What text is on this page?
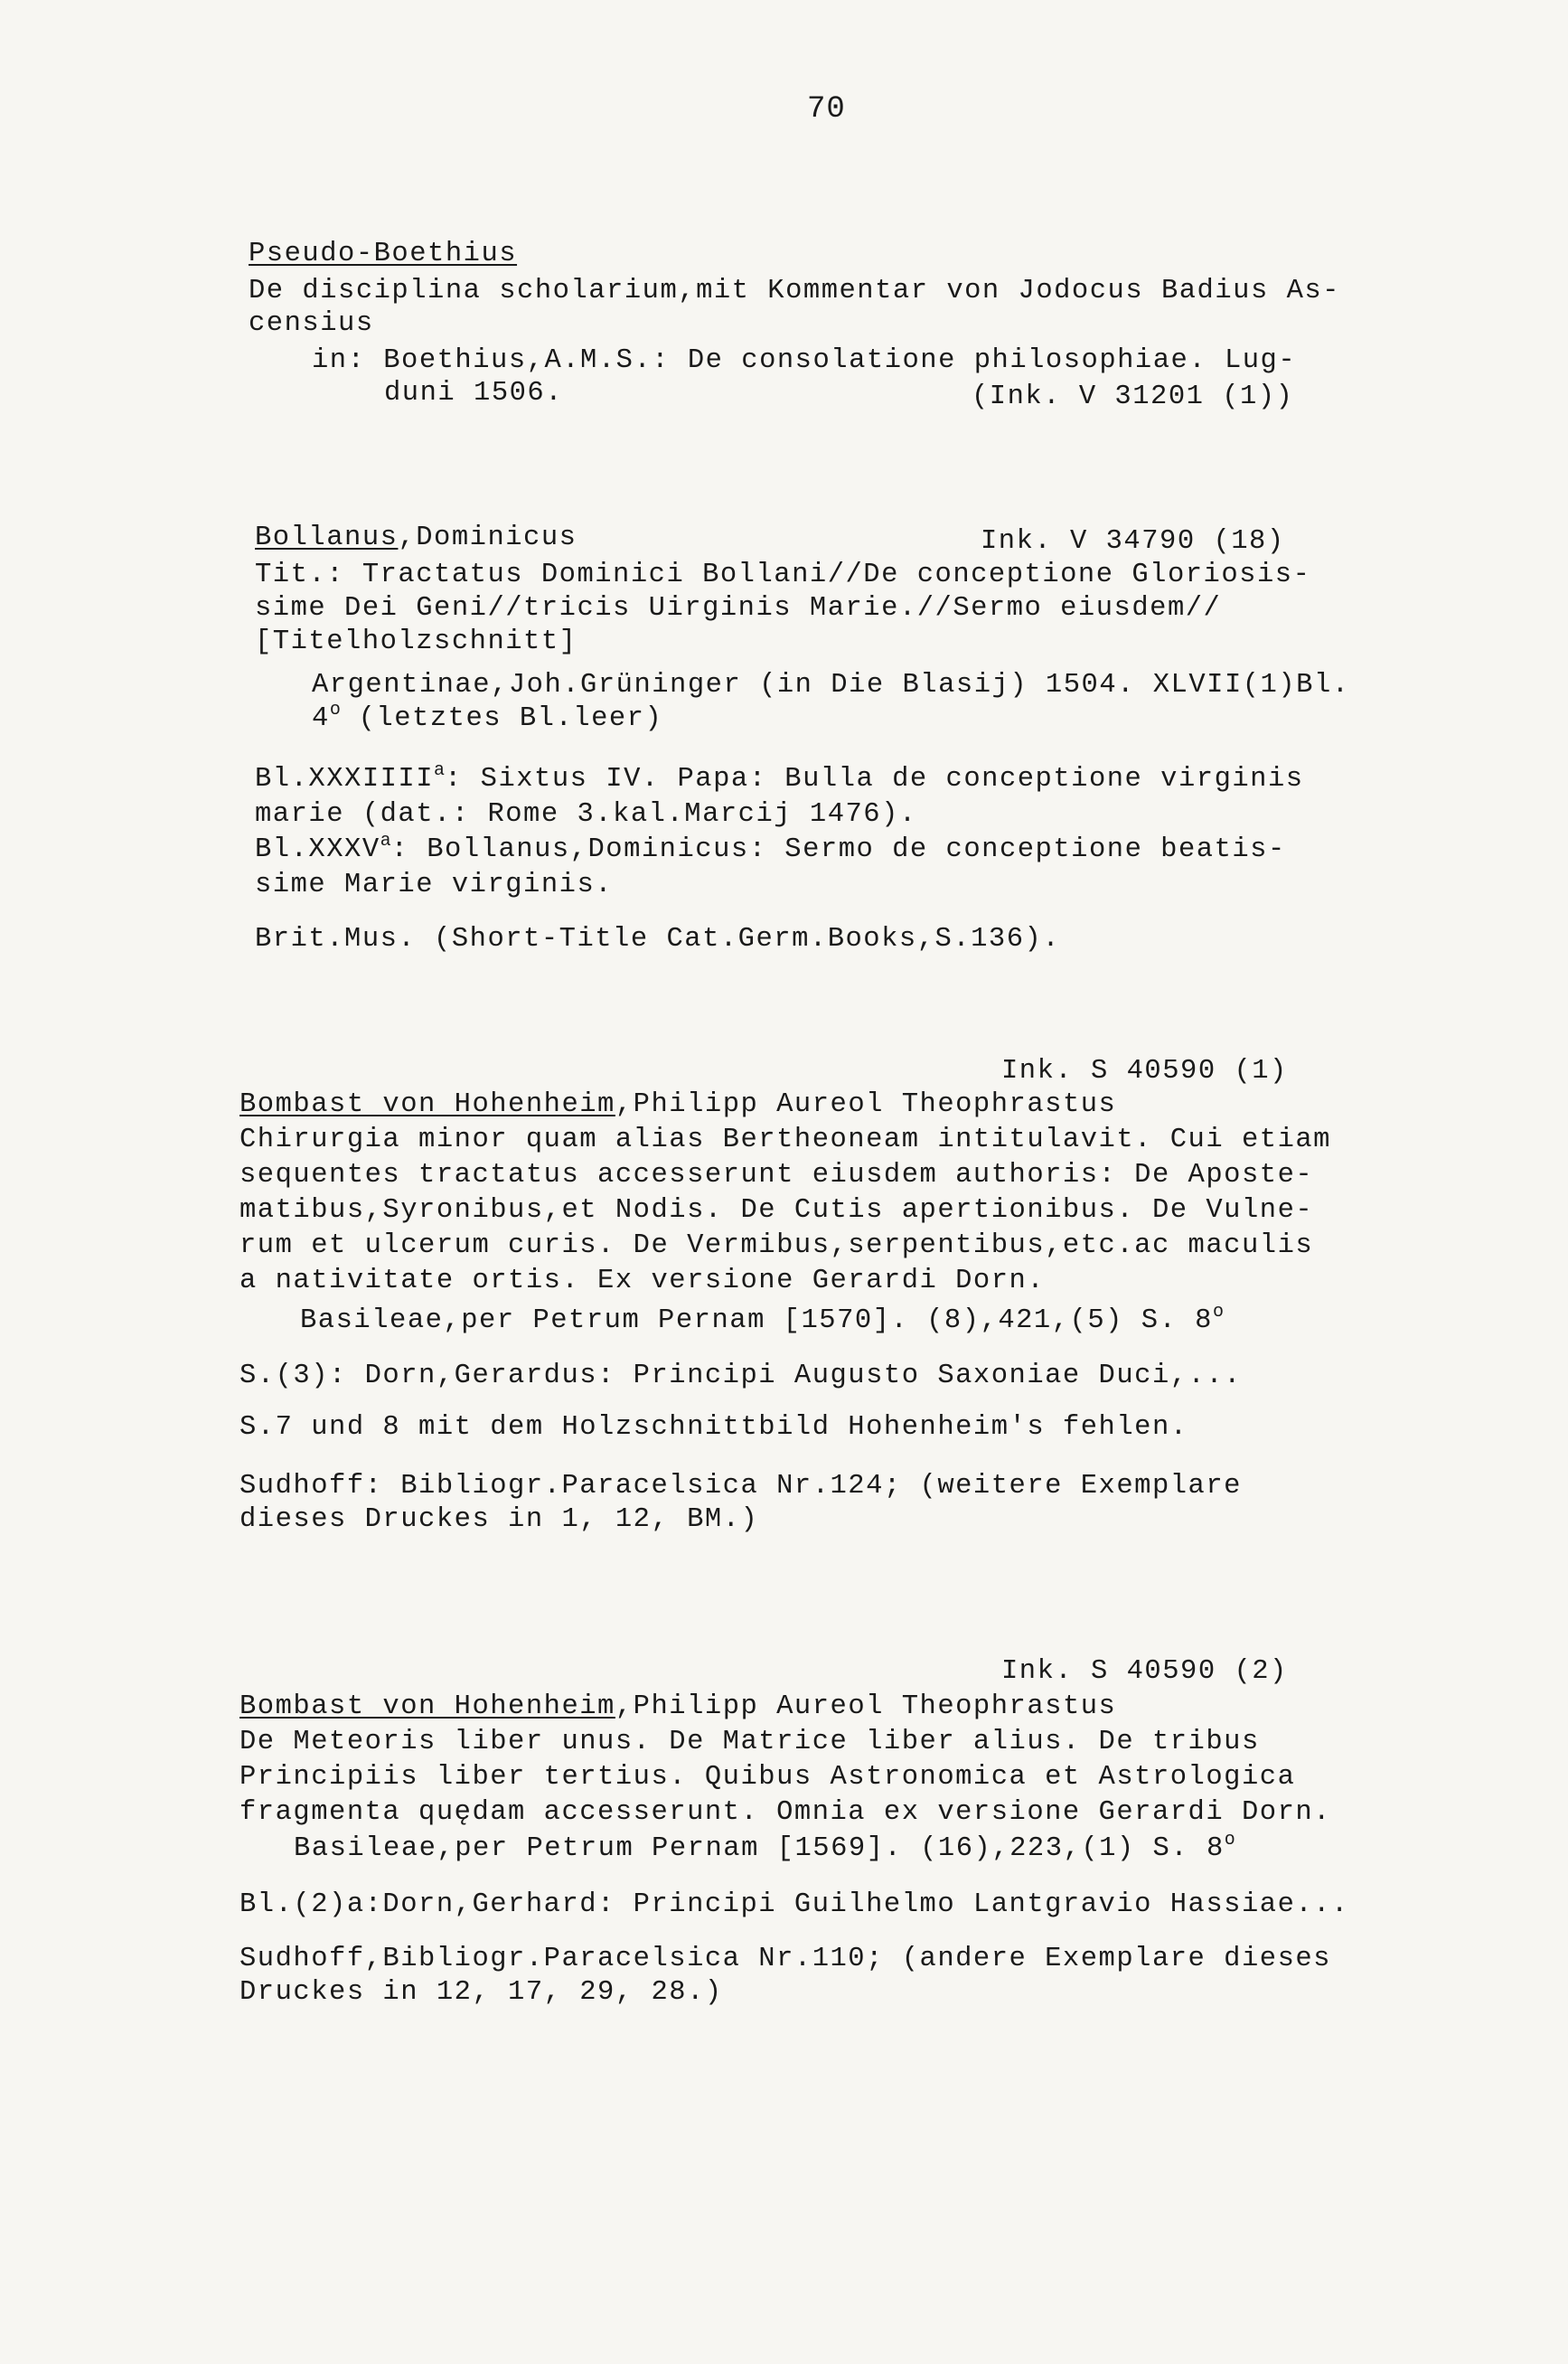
70
Pseudo-Boethius
De disciplina scholarium,mit Kommentar von Jodocus Badius As-
censius
in: Boethius,A.M.S.: De consolatione philosophiae. Lug-
duni 1506.	(Ink. V 31201 (1))
Bollanus,Dominicus	Ink. V 34790 (18)
Tit.: Tractatus Dominici Bollani//De conceptione Gloriosis-
sime Dei Geni//tricis Uirginis Marie.//Sermo eiusdem//
[Titelholzschnitt]
Argentinae,Joh.Grüninger (in Die Blasij) 1504. XLVII(1)Bl.
4$^o$ (letztes Bl.leer)
Bl.XXXIIII$^a$: Sixtus IV. Papa: Bulla de conceptione virginis
marie (dat.: Rome 3.kal.Marcij 1476).
Bl.XXXV$^a$: Bollanus,Dominicus: Sermo de conceptione beatis-
sime Marie virginis.
Brit.Mus. (Short-Title Cat.Germ.Books,S.136).
Ink. S 40590 (1)
Bombast von Hohenheim,Philipp Aureol Theophrastus
Chirurgia minor quam alias Bertheoneam intitulavit. Cui etiam
sequentes tractatus accesserunt eiusdem authoris: De Aposte-
matibus,Syronibus,et Nodis. De Cutis apertionibus. De Vulne-
rum et ulcerum curis. De Vermibus,serpentibus,etc.ac maculis
a nativitate ortis. Ex versione Gerardi Dorn.
Basileae,per Petrum Pernam [1570]. (8),421,(5) S. 8$^o$
S.(3): Dorn,Gerardus: Principi Augusto Saxoniae Duci,...
S.7 und 8 mit dem Holzschnittbild Hohenheim's fehlen.
Sudhoff: Bibliogr.Paracelsica Nr.124; (weitere Exemplare
dieses Druckes in 1, 12, BM.)
Ink. S 40590 (2)
Bombast von Hohenheim,Philipp Aureol Theophrastus
De Meteoris liber unus. De Matrice liber alius. De tribus
Principiis liber tertius. Quibus Astronomica et Astrologica
fragmenta quędam accesserunt. Omnia ex versione Gerardi Dorn.
Basileae,per Petrum Pernam [1569]. (16),223,(1) S. 8$^o$
Bl.(2)a:Dorn,Gerhard: Principi Guilhelmo Lantgravio Hassiae...
Sudhoff,Bibliogr.Paracelsica Nr.110; (andere Exemplare dieses
Druckes in 12, 17, 29, 28.)
